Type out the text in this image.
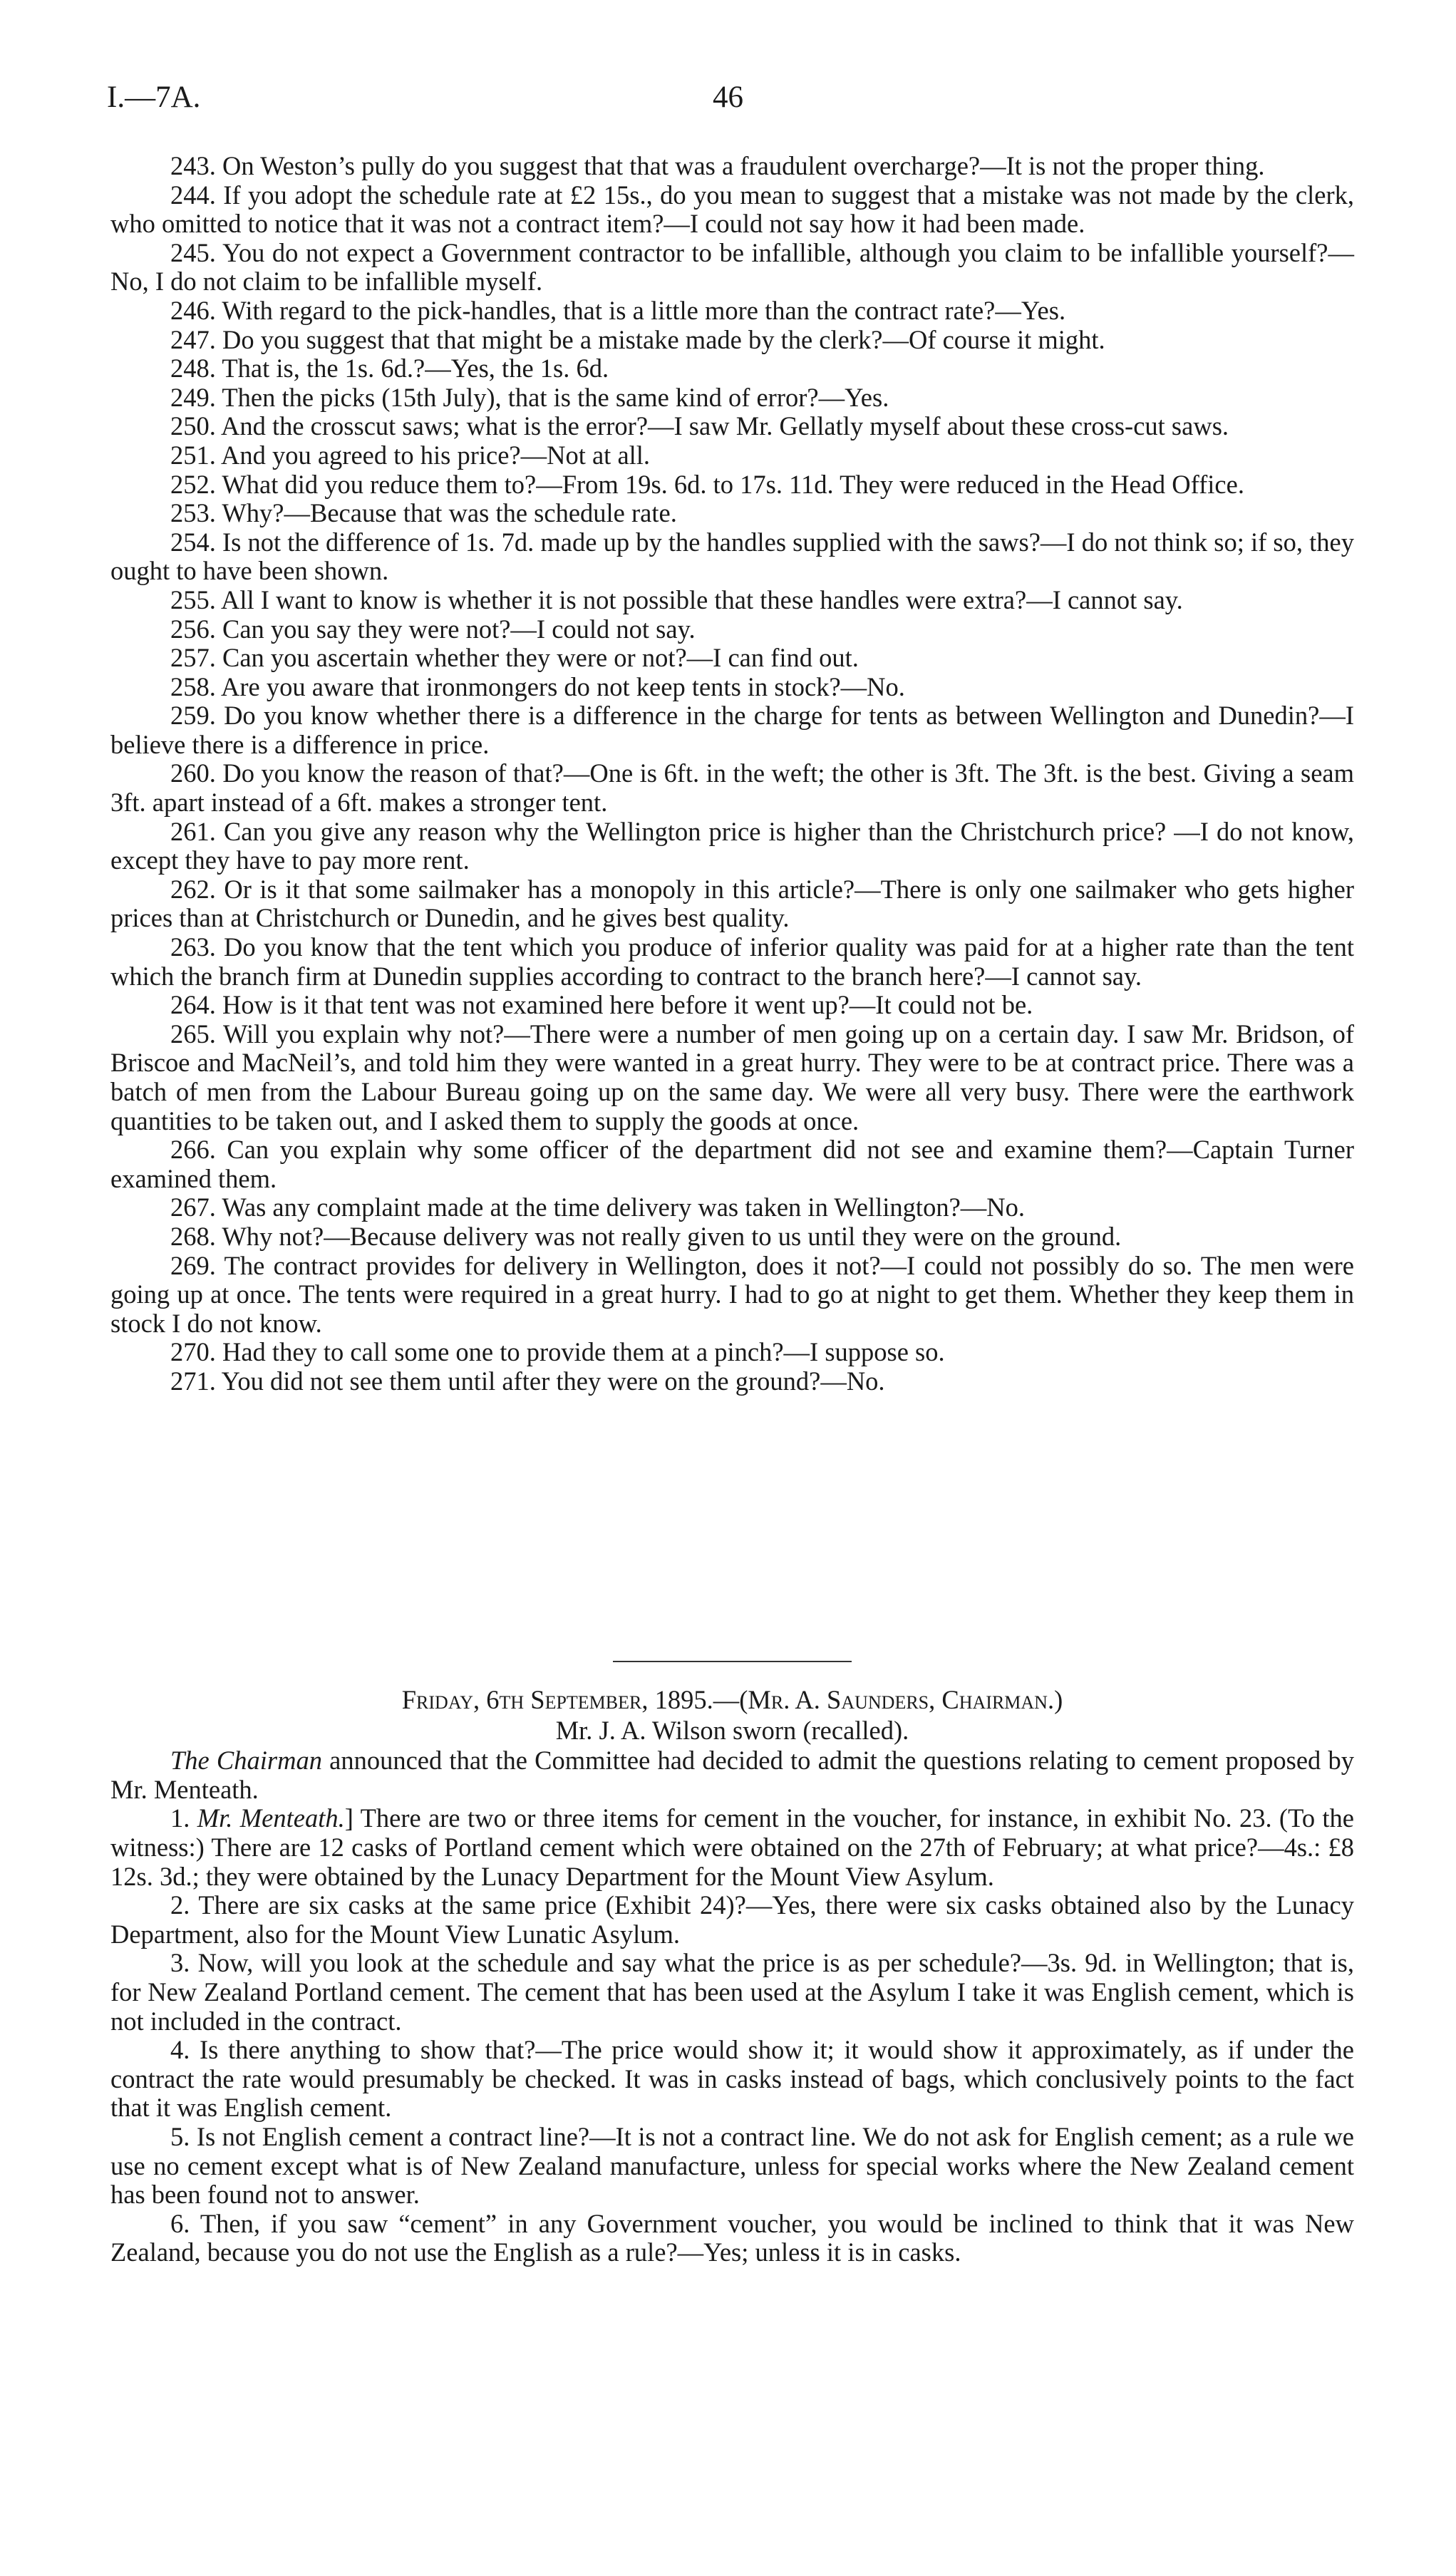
I.—7A.	46

243. On Weston’s pully do you suggest that that was a fraudulent overcharge?—It is not the proper thing.

244. If you adopt the schedule rate at £2 15s., do you mean to suggest that a mistake was not made by the clerk, who omitted to notice that it was not a contract item?—I could not say how it had been made.

245. You do not expect a Government contractor to be infallible, although you claim to be infallible yourself?—No, I do not claim to be infallible myself.

246. With regard to the pick-handles, that is a little more than the contract rate?—Yes.

247. Do you suggest that that might be a mistake made by the clerk?—Of course it might.

248. That is, the 1s. 6d.?—Yes, the 1s. 6d.

249. Then the picks (15th July), that is the same kind of error?—Yes.

250. And the crosscut saws; what is the error?—I saw Mr. Gellatly myself about these cross-cut saws.

251. And you agreed to his price?—Not at all.

252. What did you reduce them to?—From 19s. 6d. to 17s. 11d. They were reduced in the Head Office.

253. Why?—Because that was the schedule rate.

254. Is not the difference of 1s. 7d. made up by the handles supplied with the saws?—I do not think so; if so, they ought to have been shown.

255. All I want to know is whether it is not possible that these handles were extra?—I cannot say.

256. Can you say they were not?—I could not say.

257. Can you ascertain whether they were or not?—I can find out.

258. Are you aware that ironmongers do not keep tents in stock?—No.

259. Do you know whether there is a difference in the charge for tents as between Wellington and Dunedin?—I believe there is a difference in price.

260. Do you know the reason of that?—One is 6ft. in the weft; the other is 3ft. The 3ft. is the best. Giving a seam 3ft. apart instead of a 6ft. makes a stronger tent.

261. Can you give any reason why the Wellington price is higher than the Christchurch price? —I do not know, except they have to pay more rent.

262. Or is it that some sailmaker has a monopoly in this article?—There is only one sailmaker who gets higher prices than at Christchurch or Dunedin, and he gives best quality.

263. Do you know that the tent which you produce of inferior quality was paid for at a higher rate than the tent which the branch firm at Dunedin supplies according to contract to the branch here?—I cannot say.

264. How is it that tent was not examined here before it went up?—It could not be.

265. Will you explain why not?—There were a number of men going up on a certain day. I saw Mr. Bridson, of Briscoe and MacNeil’s, and told him they were wanted in a great hurry. They were to be at contract price. There was a batch of men from the Labour Bureau going up on the same day. We were all very busy. There were the earthwork quantities to be taken out, and I asked them to supply the goods at once.

266. Can you explain why some officer of the department did not see and examine them?—Captain Turner examined them.

267. Was any complaint made at the time delivery was taken in Wellington?—No.

268. Why not?—Because delivery was not really given to us until they were on the ground.

269. The contract provides for delivery in Wellington, does it not?—I could not possibly do so. The men were going up at once. The tents were required in a great hurry. I had to go at night to get them. Whether they keep them in stock I do not know.

270. Had they to call some one to provide them at a pinch?—I suppose so.

271. You did not see them until after they were on the ground?—No.

Friday, 6th September, 1895.—(Mr. A. Saunders, Chairman.)

Mr. J. A. Wilson sworn (recalled).

The Chairman announced that the Committee had decided to admit the questions relating to cement proposed by Mr. Menteath.

1. Mr. Menteath.] There are two or three items for cement in the voucher, for instance, in exhibit No. 23. (To the witness:) There are 12 casks of Portland cement which were obtained on the 27th of February; at what price?—4s.: £8 12s. 3d.; they were obtained by the Lunacy Department for the Mount View Asylum.

2. There are six casks at the same price (Exhibit 24)?—Yes, there were six casks obtained also by the Lunacy Department, also for the Mount View Lunatic Asylum.

3. Now, will you look at the schedule and say what the price is as per schedule?—3s. 9d. in Wellington; that is, for New Zealand Portland cement. The cement that has been used at the Asylum I take it was English cement, which is not included in the contract.

4. Is there anything to show that?—The price would show it; it would show it approximately, as if under the contract the rate would presumably be checked. It was in casks instead of bags, which conclusively points to the fact that it was English cement.

5. Is not English cement a contract line?—It is not a contract line. We do not ask for English cement; as a rule we use no cement except what is of New Zealand manufacture, unless for special works where the New Zealand cement has been found not to answer.

6. Then, if you saw “cement” in any Government voucher, you would be inclined to think that it was New Zealand, because you do not use the English as a rule?—Yes; unless it is in casks.
